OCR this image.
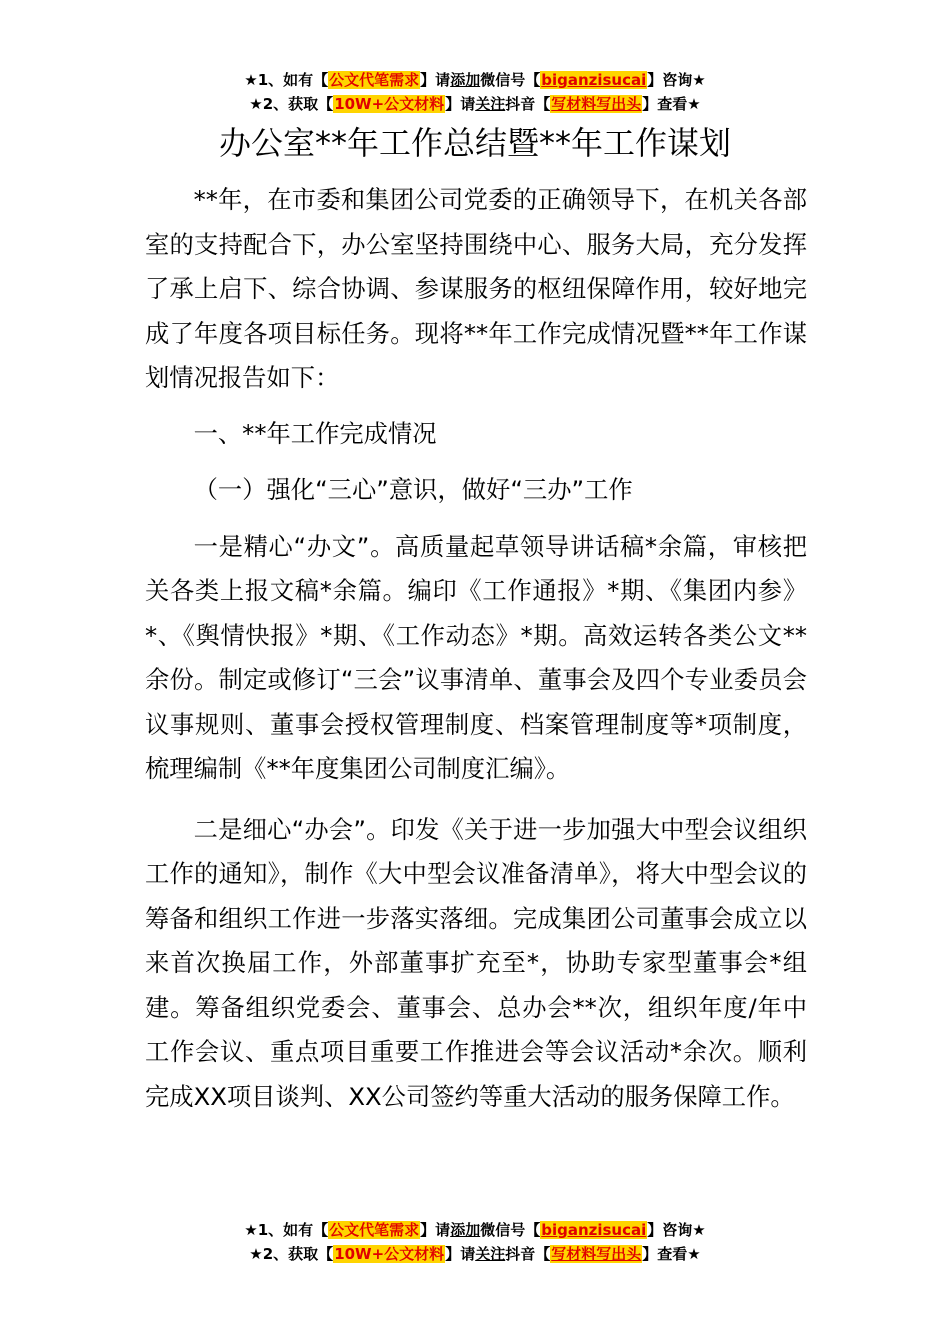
★1、如有【公文代笔需求】请添加微信号【biganzisucai】咨询★
★2、获取【10W+公文材料】请关注抖音【写材料写出头】查看★
办公室**年工作总结暨**年工作谋划

**年，在市委和集团公司党委的正确领导下，在机关各部室的支持配合下，办公室坚持围绕中心、服务大局，充分发挥了承上启下、综合协调、参谋服务的枢纽保障作用，较好地完成了年度各项目标任务。现将**年工作完成情况暨**年工作谋划情况报告如下：

一、**年工作完成情况

（一）强化“三心”意识，做好“三办”工作

一是精心“办文”。高质量起草领导讲话稿*余篇，审核把关各类上报文稿*余篇。编印《工作通报》*期、《集团内参》*、《舆情快报》*期、《工作动态》*期。高效运转各类公文**余份。制定或修订“三会”议事清单、董事会及四个专业委员会议事规则、董事会授权管理制度、档案管理制度等*项制度，梳理编制《**年度集团公司制度汇编》。

二是细心“办会”。印发《关于进一步加强大中型会议组织工作的通知》，制作《大中型会议准备清单》，将大中型会议的筹备和组织工作进一步落实落细。完成集团公司董事会成立以来首次换届工作，外部董事扩充至*，协助专家型董事会*组建。筹备组织党委会、董事会、总办会**次，组织年度/年中工作会议、重点项目重要工作推进会等会议活动*余次。顺利完成XX项目谈判、XX公司签约等重大活动的服务保障工作。

★1、如有【公文代笔需求】请添加微信号【biganzisucai】咨询★
★2、获取【10W+公文材料】请关注抖音【写材料写出头】查看★
